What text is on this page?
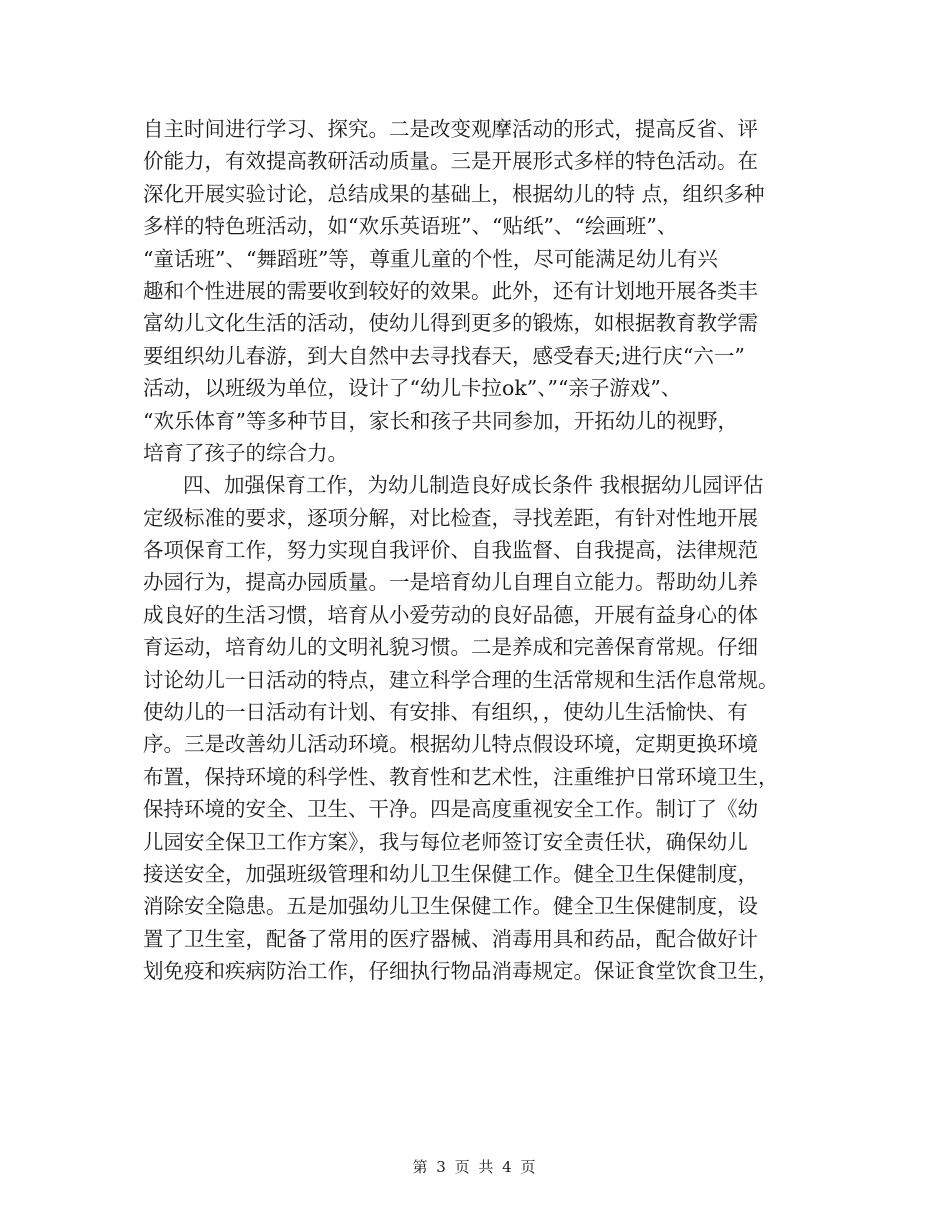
自主时间进行学习、探究。二是改变观摩活动的形式，提高反省、评
价能力，有效提高教研活动质量。三是开展形式多样的特色活动。在
深化开展实验讨论，总结成果的基础上，根据幼儿的特 点，组织多种
多样的特色班活动，如“欢乐英语班”、“贴纸”、“绘画班”、
“童话班”、“舞蹈班”等，尊重儿童的个性，尽可能满足幼儿有兴
趣和个性进展的需要收到较好的效果。此外，还有计划地开展各类丰
富幼儿文化生活的活动，使幼儿得到更多的锻炼，如根据教育教学需
要组织幼儿春游，到大自然中去寻找春天，感受春天;进行庆“六一”
活动，以班级为单位，设计了“幼儿卡拉ok”、”“亲子游戏”、
“欢乐体育”等多种节目，家长和孩子共同参加，开拓幼儿的视野，
培育了孩子的综合力。
四、加强保育工作，为幼儿制造良好成长条件 我根据幼儿园评估
定级标准的要求，逐项分解，对比检查，寻找差距，有针对性地开展
各项保育工作，努力实现自我评价、自我监督、自我提高，法律规范
办园行为，提高办园质量。一是培育幼儿自理自立能力。帮助幼儿养
成良好的生活习惯，培育从小爱劳动的良好品德，开展有益身心的体
育运动，培育幼儿的文明礼貌习惯。二是养成和完善保育常规。仔细
讨论幼儿一日活动的特点，建立科学合理的生活常规和生活作息常规。
使幼儿的一日活动有计划、有安排、有组织，，使幼儿生活愉快、有
序。三是改善幼儿活动环境。根据幼儿特点假设环境，定期更换环境
布置，保持环境的科学性、教育性和艺术性，注重维护日常环境卫生，
保持环境的安全、卫生、干净。四是高度重视安全工作。制订了《幼
儿园安全保卫工作方案》，我与每位老师签订安全责任状，确保幼儿
接送安全，加强班级管理和幼儿卫生保健工作。健全卫生保健制度，
消除安全隐患。五是加强幼儿卫生保健工作。健全卫生保健制度，设
置了卫生室，配备了常用的医疗器械、消毒用具和药品，配合做好计
划免疫和疾病防治工作，仔细执行物品消毒规定。保证食堂饮食卫生，
第 3 页 共 4 页
